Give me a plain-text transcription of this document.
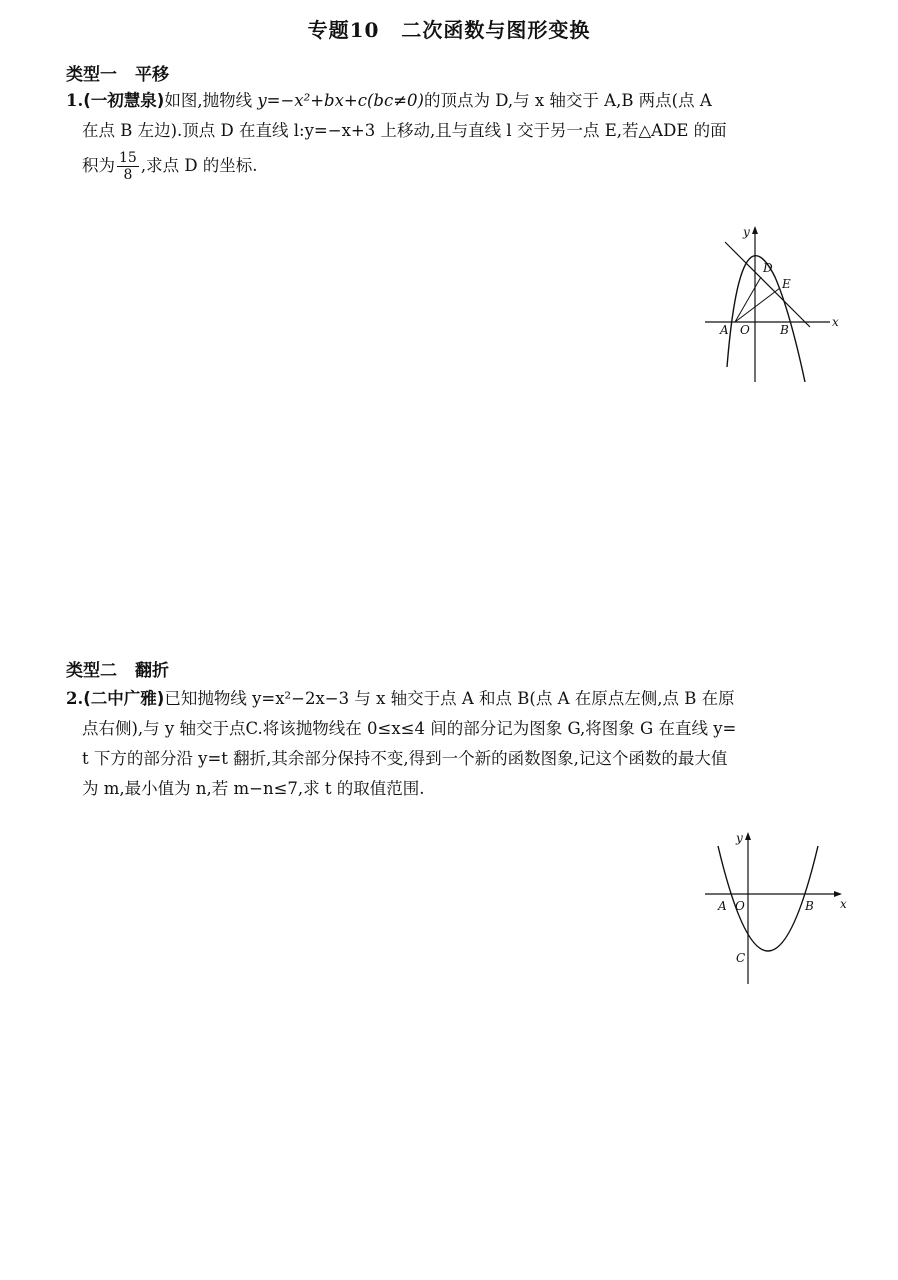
专题10 二次函数与图形变换
类型一 平移
1.(一初慧泉)如图,抛物线 y=−x²+bx+c(bc≠0)的顶点为 D,与 x 轴交于 A,B 两点(点 A
在点 B 左边).顶点 D 在直线 l:y=−x+3 上移动,且与直线 l 交于另一点 E,若△ADE 的面
积为 $\frac{15}{8}$ ,求点 D 的坐标.
y
x
D
E
A O	B
类型二 翻折
2.(二中广雅)已知抛物线 y=x²−2x−3 与 x 轴交于点 A 和点 B(点 A 在原点左侧,点 B 在原
点右侧),与 y 轴交于点C.将该抛物线在 0≤x≤4 间的部分记为图象 G,将图象 G 在直线 y=
t 下方的部分沿 y=t 翻折,其余部分保持不变,得到一个新的函数图象,记这个函数的最大值
为 m,最小值为 n,若 m−n≤7,求 t 的取值范围.
y
x
A O	B
C
